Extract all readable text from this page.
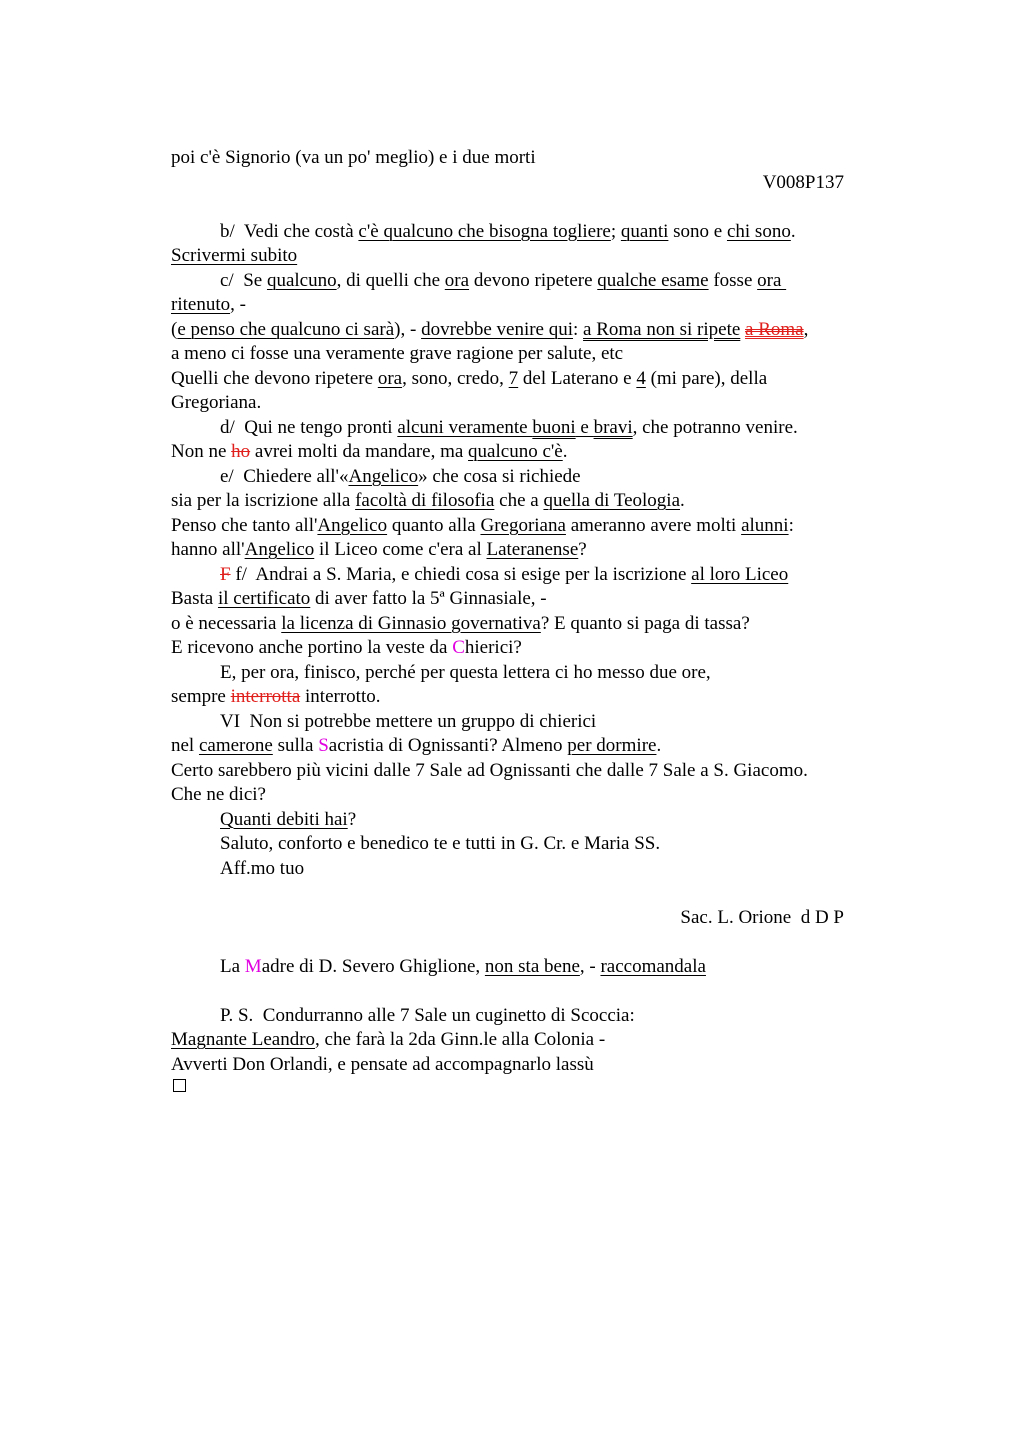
poi c'è Signorio (va un po' meglio) e i due morti
V008P137
b/  Vedi che costà c'è qualcuno che bisogna togliere; quanti sono e chi sono.
Scrivermi subito
c/  Se qualcuno, di quelli che ora devono ripetere qualche esame fosse ora
ritenuto, -
(e penso che qualcuno ci sarà), - dovrebbe venire qui: a Roma non si ripete a Roma,
a meno ci fosse una veramente grave ragione per salute, etc
Quelli che devono ripetere ora, sono, credo, 7 del Laterano e 4 (mi pare), della
Gregoriana.
d/  Qui ne tengo pronti alcuni veramente buoni e bravi, che potranno venire.
Non ne ho avrei molti da mandare, ma qualcuno c'è.
e/  Chiedere all'«Angelico» che cosa si richiede
sia per la iscrizione alla facoltà di filosofia che a quella di Teologia.
Penso che tanto all'Angelico quanto alla Gregoriana ameranno avere molti alunni:
hanno all'Angelico il Liceo come c'era al Lateranense?
F f/  Andrai a S. Maria, e chiedi cosa si esige per la iscrizione al loro Liceo
Basta il certificato di aver fatto la 5ª Ginnasiale, -
o è necessaria la licenza di Ginnasio governativa? E quanto si paga di tassa?
E ricevono anche portino la veste da Chierici?
E, per ora, finisco, perché per questa lettera ci ho messo due ore,
sempre interrotta interrotto.
VI  Non si potrebbe mettere un gruppo di chierici
nel camerone sulla Sacristia di Ognissanti? Almeno per dormire.
Certo sarebbero più vicini dalle 7 Sale ad Ognissanti che dalle 7 Sale a S. Giacomo.
Che ne dici?
Quanti debiti hai?
Saluto, conforto e benedico te e tutti in G. Cr. e Maria SS.
Aff.mo tuo
Sac. L. Orione  d D P
La Madre di D. Severo Ghiglione, non sta bene, - raccomandala
P. S.  Condurranno alle 7 Sale un cuginetto di Scoccia:
Magnante Leandro, che farà la 2da Ginn.le alla Colonia -
Avverti Don Orlandi, e pensate ad accompagnarlo lassù
